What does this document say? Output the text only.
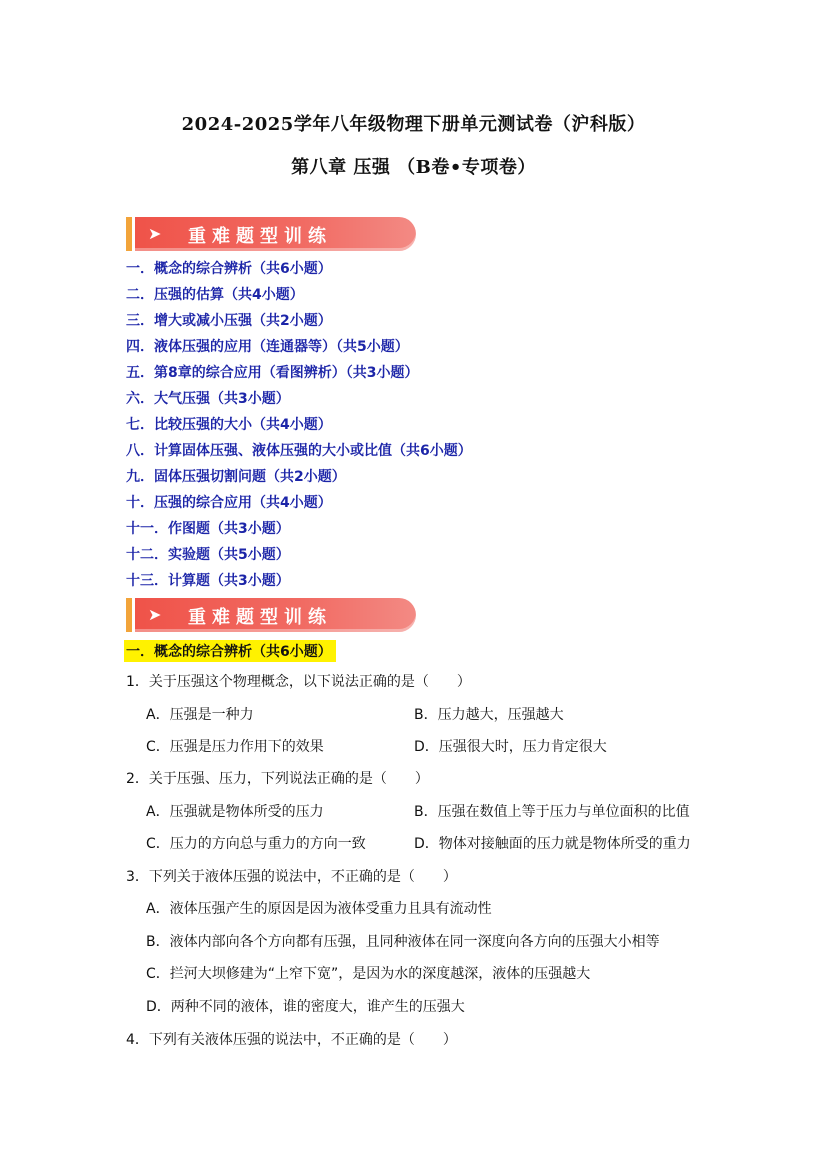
2024-2025学年八年级物理下册单元测试卷（沪科版）
第八章 压强 （B卷•专项卷）
➤ 重难题型训练
一．概念的综合辨析（共6小题）
二．压强的估算（共4小题）
三．增大或减小压强（共2小题）
四．液体压强的应用（连通器等）（共5小题）
五．第8章的综合应用（看图辨析）（共3小题）
六．大气压强（共3小题）
七．比较压强的大小（共4小题）
八．计算固体压强、液体压强的大小或比值（共6小题）
九．固体压强切割问题（共2小题）
十．压强的综合应用（共4小题）
十一．作图题（共3小题）
十二．实验题（共5小题）
十三．计算题（共3小题）
➤ 重难题型训练
一．概念的综合辨析（共6小题）
1．关于压强这个物理概念，以下说法正确的是（　　）
A．压强是一种力	B．压力越大，压强越大
C．压强是压力作用下的效果	D．压强很大时，压力肯定很大
2．关于压强、压力，下列说法正确的是（　　）
A．压强就是物体所受的压力	B．压强在数值上等于压力与单位面积的比值
C．压力的方向总与重力的方向一致	D．物体对接触面的压力就是物体所受的重力
3．下列关于液体压强的说法中，不正确的是（　　）
A．液体压强产生的原因是因为液体受重力且具有流动性
B．液体内部向各个方向都有压强，且同种液体在同一深度向各方向的压强大小相等
C．拦河大坝修建为“上窄下宽”，是因为水的深度越深，液体的压强越大
D．两种不同的液体，谁的密度大，谁产生的压强大
4．下列有关液体压强的说法中，不正确的是（　　）
